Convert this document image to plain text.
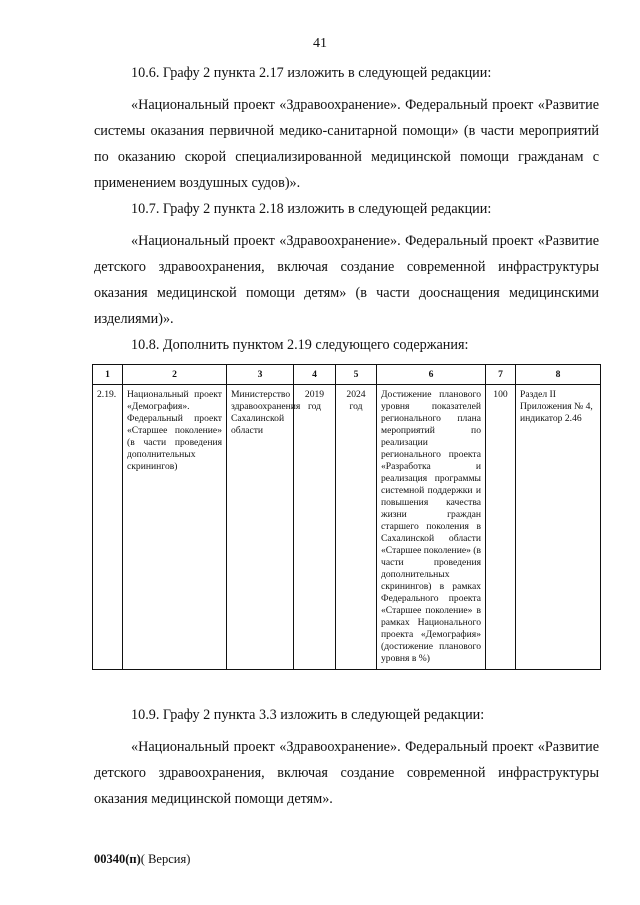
41

10.6. Графу 2 пункта 2.17 изложить в следующей редакции:

«Национальный проект «Здравоохранение». Федеральный проект «Развитие системы оказания первичной медико-санитарной помощи» (в части мероприятий по оказанию скорой специализированной медицинской помощи гражданам с применением воздушных судов)».

10.7. Графу 2 пункта 2.18 изложить в следующей редакции:

«Национальный проект «Здравоохранение». Федеральный проект «Развитие детского здравоохранения, включая создание современной инфраструктуры оказания медицинской помощи детям» (в части дооснащения медицинскими изделиями)».

10.8. Дополнить пунктом 2.19 следующего содержания:

1	2	3	4	5	6	7	8
2.19.	Национальный проект «Демография». Федеральный проект «Старшее поколение» (в части проведения дополнительных скринингов)	Министерство здравоохранения Сахалинской области	2019 год	2024 год	Достижение планового уровня показателей регионального плана мероприятий по реализации регионального проекта «Разработка и реализация программы системной поддержки и повышения качества жизни граждан старшего поколения в Сахалинской области «Старшее поколение» (в части проведения дополнительных скринингов) в рамках Федерального проекта «Старшее поколение» в рамках Национального проекта «Демография» (достижение планового уровня в %)	100	Раздел II Приложения № 4, индикатор 2.46

10.9. Графу 2 пункта 3.3 изложить в следующей редакции:

«Национальный проект «Здравоохранение». Федеральный проект «Развитие детского здравоохранения, включая создание современной инфраструктуры оказания медицинской помощи детям».

00340(п)( Версия)
